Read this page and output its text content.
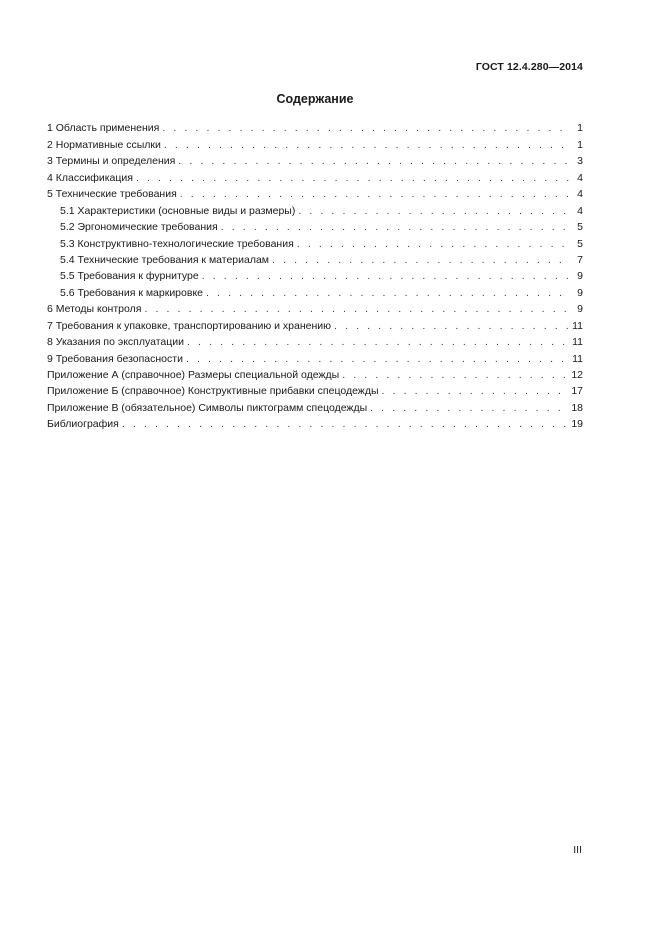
ГОСТ 12.4.280—2014
Содержание
1 Область применения . . .	1
2 Нормативные ссылки . . .	1
3 Термины и определения . . .	3
4 Классификация . . .	4
5 Технические требования . . .	4
5.1 Характеристики (основные виды и размеры) . . .	4
5.2 Эргономические требования . . .	5
5.3 Конструктивно-технологические требования . . .	5
5.4 Технические требования к материалам . . .	7
5.5 Требования к фурнитуре . . .	9
5.6 Требования к маркировке . . .	9
6 Методы контроля . . .	9
7 Требования к упаковке, транспортированию и хранению . . .	11
8 Указания по эксплуатации . . .	11
9 Требования безопасности . . .	11
Приложение А (справочное) Размеры специальной одежды . . .	12
Приложение Б (справочное) Конструктивные прибавки спецодежды . . .	17
Приложение В (обязательное) Символы пиктограмм спецодежды . . .	18
Библиография . . .	19
III
